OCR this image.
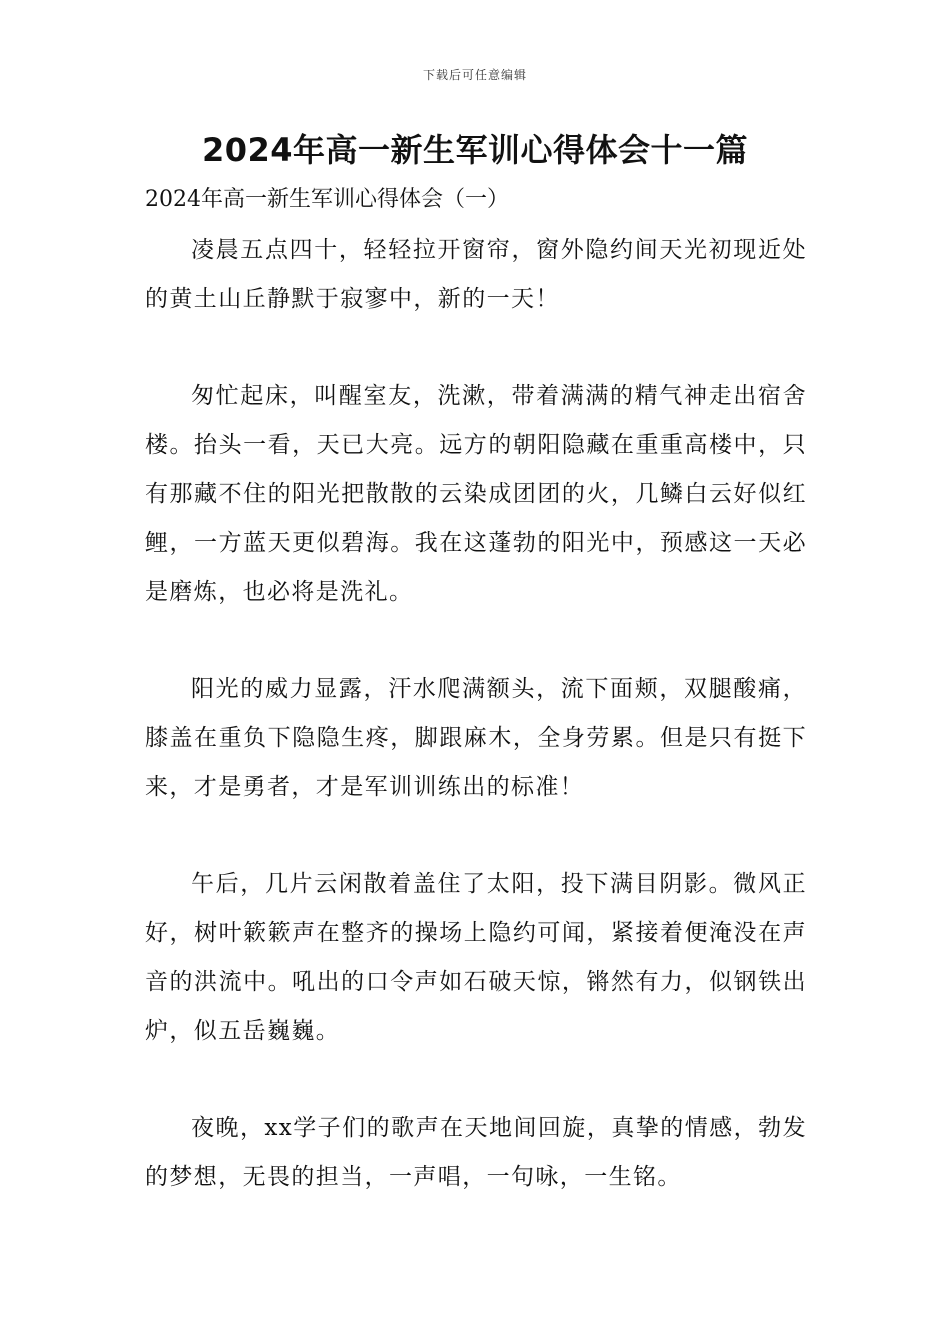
下载后可任意编辑
2024年高一新生军训心得体会十一篇
2024年高一新生军训心得体会（一）

凌晨五点四十，轻轻拉开窗帘，窗外隐约间天光初现近处的黄土山丘静默于寂寥中，新的一天！

匆忙起床，叫醒室友，洗漱，带着满满的精气神走出宿舍楼。抬头一看，天已大亮。远方的朝阳隐藏在重重高楼中，只有那藏不住的阳光把散散的云染成团团的火，几鳞白云好似红鲤，一方蓝天更似碧海。我在这蓬勃的阳光中，预感这一天必是磨炼，也必将是洗礼。

阳光的威力显露，汗水爬满额头，流下面颊，双腿酸痛，膝盖在重负下隐隐生疼，脚跟麻木，全身劳累。但是只有挺下来，才是勇者，才是军训训练出的标准！

午后，几片云闲散着盖住了太阳，投下满目阴影。微风正好，树叶簌簌声在整齐的操场上隐约可闻，紧接着便淹没在声音的洪流中。吼出的口令声如石破天惊，锵然有力，似钢铁出炉，似五岳巍巍。

夜晚，xx学子们的歌声在天地间回旋，真挚的情感，勃发的梦想，无畏的担当，一声唱，一句咏，一生铭。
